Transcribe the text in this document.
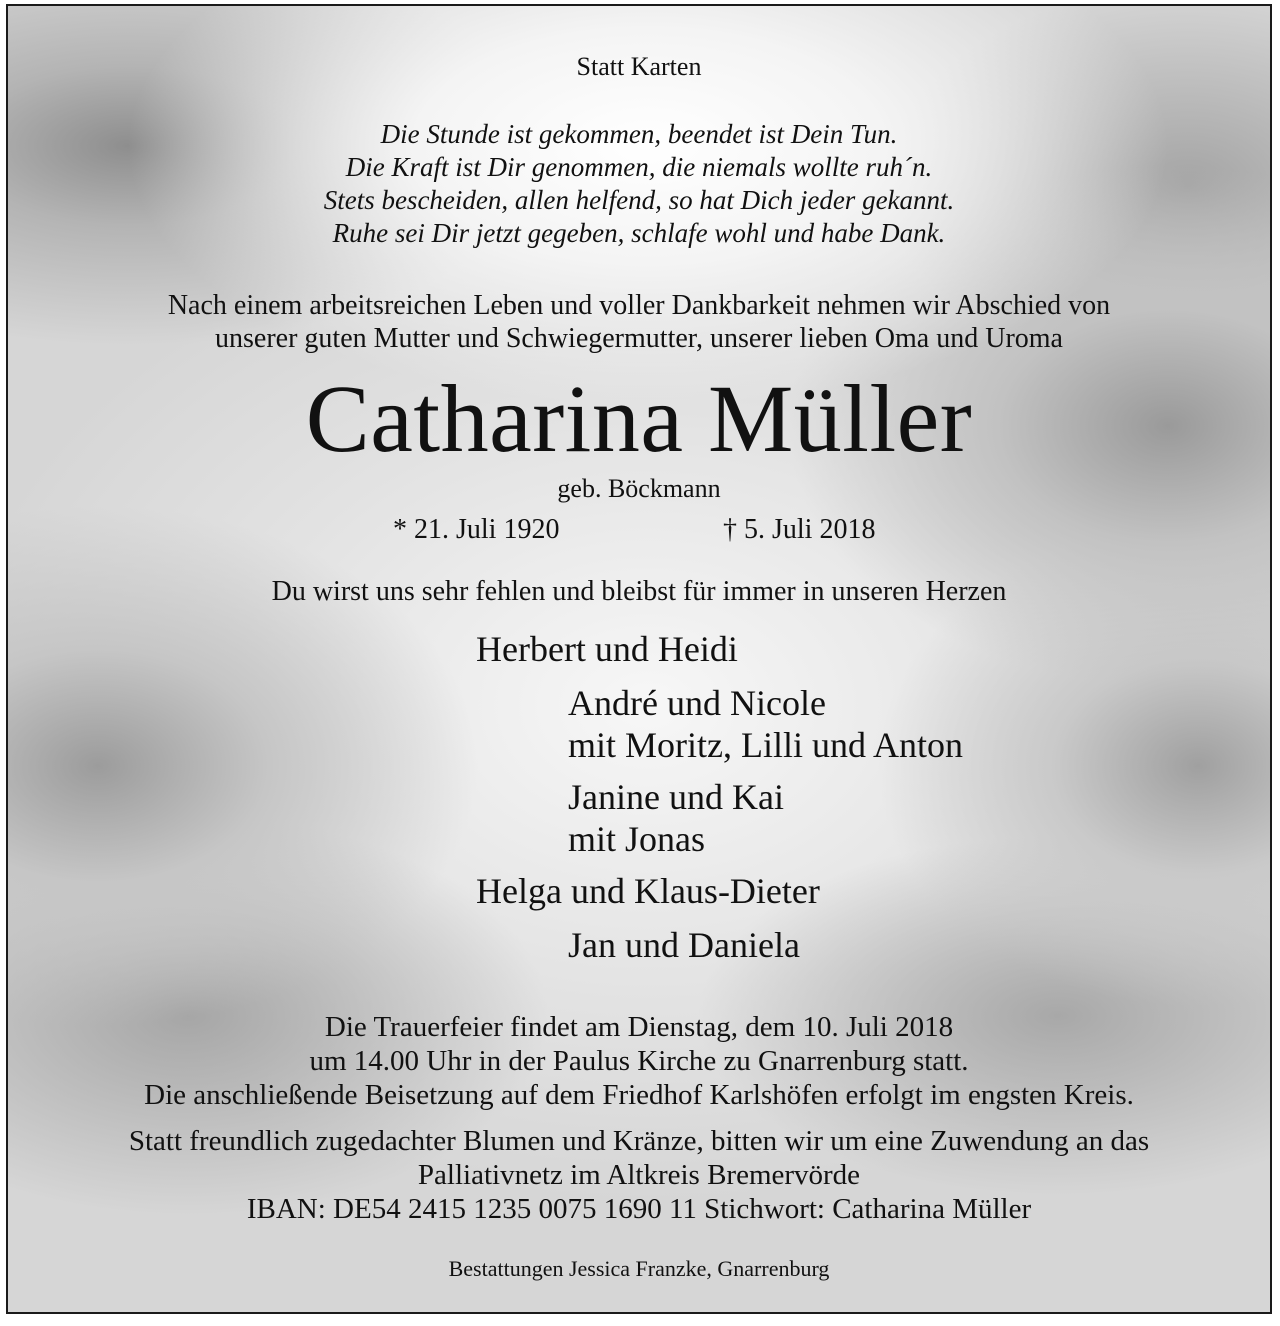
Statt Karten
Die Stunde ist gekommen, beendet ist Dein Tun.
Die Kraft ist Dir genommen, die niemals wollte ruh´n.
Stets bescheiden, allen helfend, so hat Dich jeder gekannt.
Ruhe sei Dir jetzt gegeben, schlafe wohl und habe Dank.
Nach einem arbeitsreichen Leben und voller Dankbarkeit nehmen wir Abschied von
unserer guten Mutter und Schwiegermutter, unserer lieben Oma und Uroma
Catharina Müller
geb. Böckmann
* 21. Juli 1920	† 5. Juli 2018
Du wirst uns sehr fehlen und bleibst für immer in unseren Herzen
Herbert und Heidi
André und Nicole
mit Moritz, Lilli und Anton
Janine und Kai
mit Jonas
Helga und Klaus-Dieter
Jan und Daniela
Die Trauerfeier findet am Dienstag, dem 10. Juli 2018
um 14.00 Uhr in der Paulus Kirche zu Gnarrenburg statt.
Die anschließende Beisetzung auf dem Friedhof Karlshöfen erfolgt im engsten Kreis.
Statt freundlich zugedachter Blumen und Kränze, bitten wir um eine Zuwendung an das
Palliativnetz im Altkreis Bremervörde
IBAN: DE54 2415 1235 0075 1690 11 Stichwort: Catharina Müller
Bestattungen Jessica Franzke, Gnarrenburg
